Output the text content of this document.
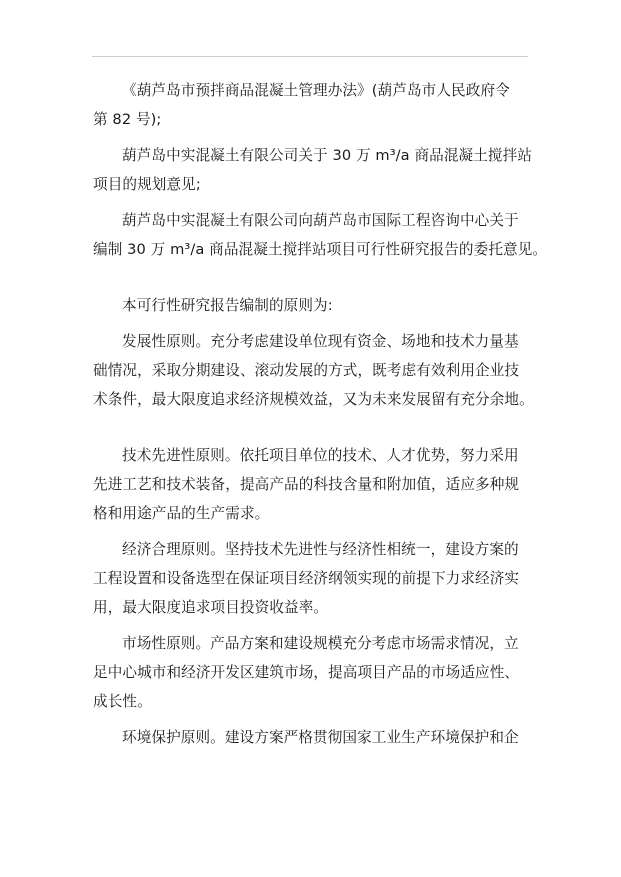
《葫芦岛市预拌商品混凝土管理办法》(葫芦岛市人民政府令
第 82 号);

葫芦岛中实混凝土有限公司关于 30 万 m³/a 商品混凝土搅拌站
项目的规划意见;

葫芦岛中实混凝土有限公司向葫芦岛市国际工程咨询中心关于
编制 30 万 m³/a 商品混凝土搅拌站项目可行性研究报告的委托意见。

本可行性研究报告编制的原则为:

发展性原则。充分考虑建设单位现有资金、场地和技术力量基
础情况，采取分期建设、滚动发展的方式，既考虑有效利用企业技
术条件，最大限度追求经济规模效益，又为未来发展留有充分余地。

技术先进性原则。依托项目单位的技术、人才优势，努力采用
先进工艺和技术装备，提高产品的科技含量和附加值，适应多种规
格和用途产品的生产需求。

经济合理原则。坚持技术先进性与经济性相统一，建设方案的
工程设置和设备选型在保证项目经济纲领实现的前提下力求经济实
用，最大限度追求项目投资收益率。

市场性原则。产品方案和建设规模充分考虑市场需求情况，立
足中心城市和经济开发区建筑市场，提高项目产品的市场适应性、
成长性。

环境保护原则。建设方案严格贯彻国家工业生产环境保护和企
